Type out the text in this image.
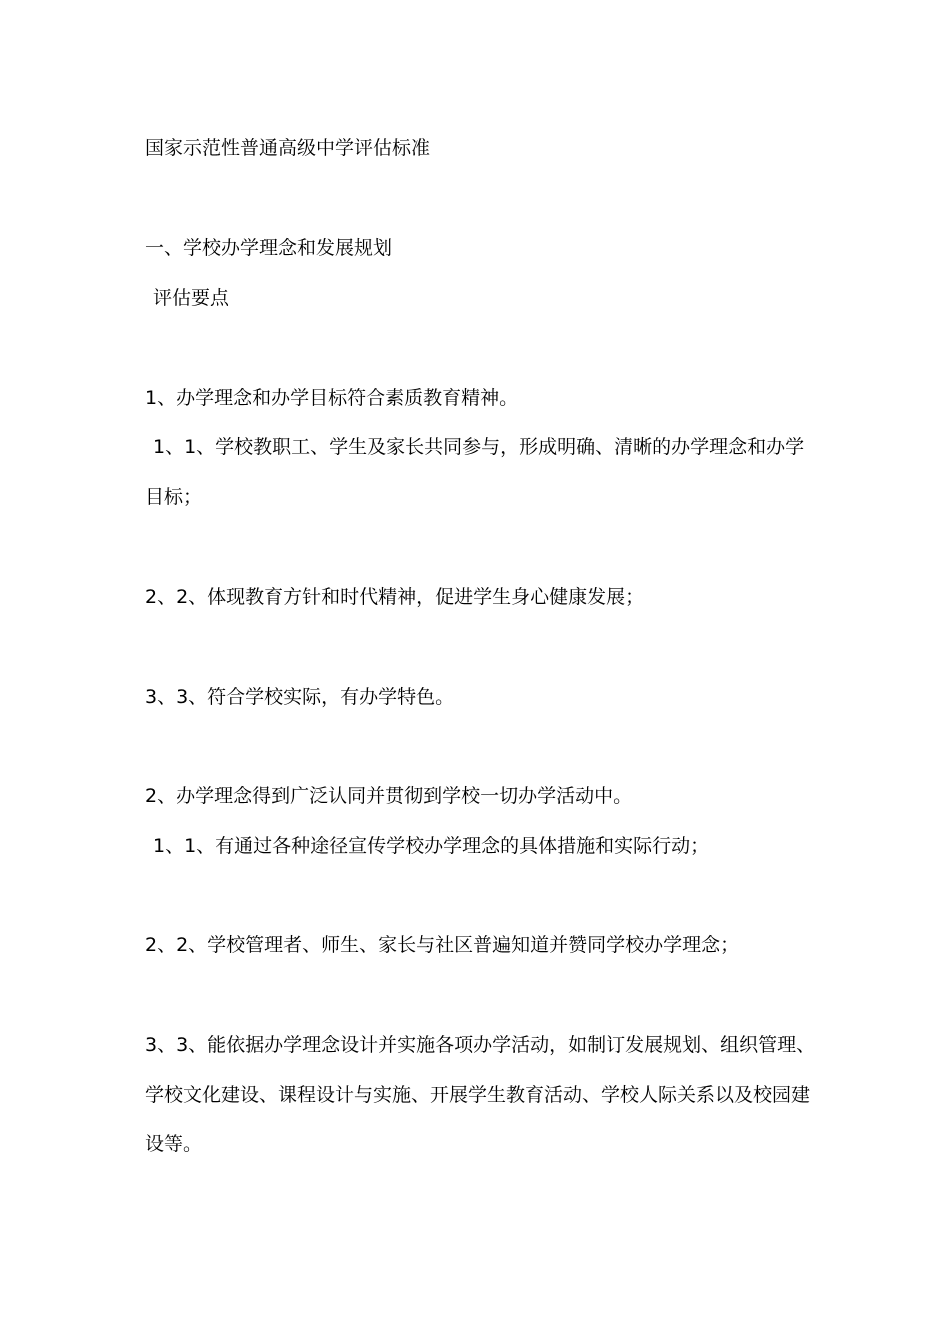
国家示范性普通高级中学评估标准
一、学校办学理念和发展规划
评估要点
1、办学理念和办学目标符合素质教育精神。
1、1、学校教职工、学生及家长共同参与，形成明确、清晰的办学理念和办学
目标；
2、2、体现教育方针和时代精神，促进学生身心健康发展；
3、3、符合学校实际，有办学特色。
2、办学理念得到广泛认同并贯彻到学校一切办学活动中。
1、1、有通过各种途径宣传学校办学理念的具体措施和实际行动；
2、2、学校管理者、师生、家长与社区普遍知道并赞同学校办学理念；
3、3、能依据办学理念设计并实施各项办学活动，如制订发展规划、组织管理、
学校文化建设、课程设计与实施、开展学生教育活动、学校人际关系以及校园建
设等。
